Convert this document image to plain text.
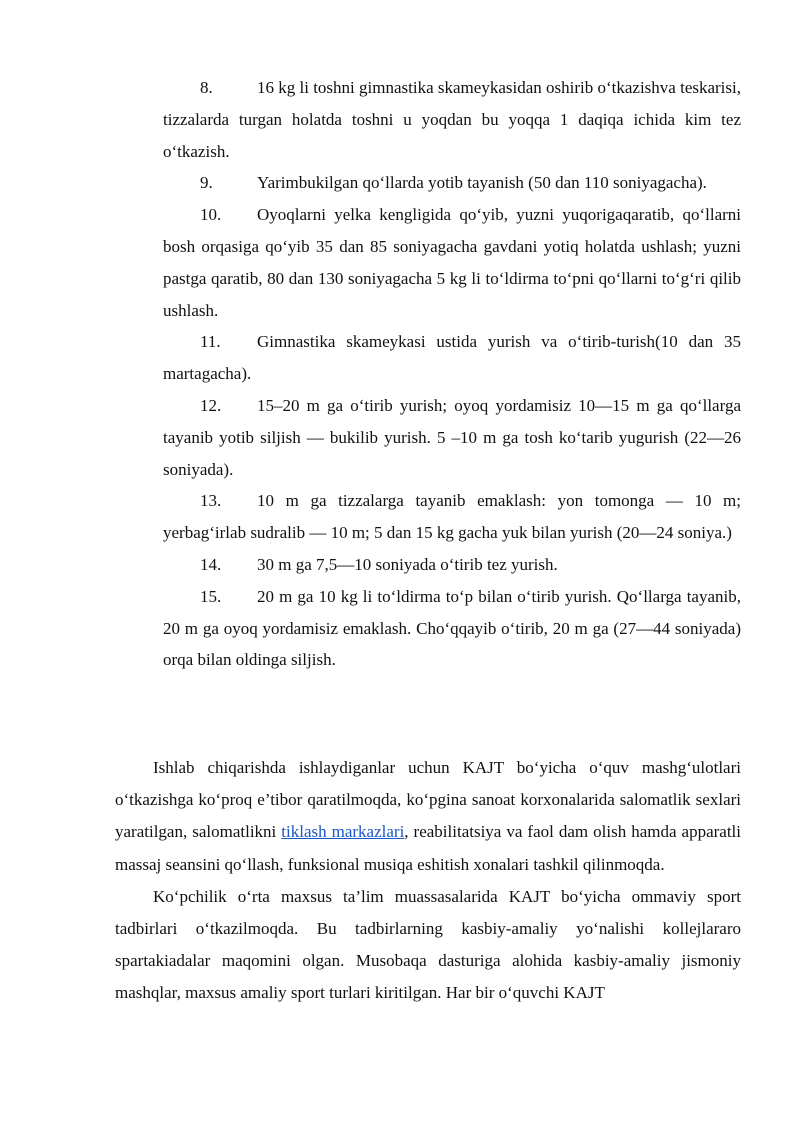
8.	16 kg li toshni gimnastika skameykasidan oshirib o‘tkazishva teskarisi, tizzalarda turgan holatda toshni u yoqdan bu yoqqa 1 daqiqa ichida kim tez o‘tkazish.

9.	Yarimbukilgan qo‘llarda yotib tayanish (50 dan 110 soniyagacha).

10. Oyoqlarni yelka kengligida qo‘yib, yuzni yuqorigaqaratib, qo‘llarni bosh orqasiga qo‘yib 35 dan 85 soniyagacha gavdani yotiq holatda ushlash; yuzni pastga qaratib, 80 dan 130 soniyagacha 5 kg li to‘ldirma to‘pni qo‘llarni to‘g‘ri qilib ushlash.

11. Gimnastika skameykasi ustida yurish va o‘tirib-turish(10 dan 35 martagacha).

12. 15–20 m ga o‘tirib yurish; oyoq yordamisiz 10—15 m ga qo‘llarga tayanib yotib siljish — bukilib yurish. 5 –10 m ga tosh ko‘tarib yugurish (22—26 soniyada).

13. 10 m ga tizzalarga tayanib emaklash: yon tomonga — 10 m; yerbag‘irlab sudralib — 10 m; 5 dan 15 kg gacha yuk bilan yurish (20—24 soniya.)

14. 30 m ga 7,5—10 soniyada o‘tirib tez yurish.

15. 20 m ga 10 kg li to‘ldirma to‘p bilan o‘tirib yurish. Qo‘llarga tayanib, 20 m ga oyoq yordamisiz emaklash. Cho‘qqayib o‘tirib, 20 m ga (27—44 soniyada) orqa bilan oldinga siljish.

Ishlab chiqarishda ishlaydiganlar uchun KAJT bo‘yicha o‘quv mashg‘ulotlari o‘tkazishga ko‘proq e’tibor qaratilmoqda, ko‘pgina sanoat korxonalarida salomatlik sexlari yaratilgan, salomatlikni tiklash markazlari, reabilitatsiya va faol dam olish hamda apparatli massaj seansini qo‘llash, funksional musiqa eshitish xonalari tashkil qilinmoqda.

Ko‘pchilik o‘rta maxsus ta’lim muassasalarida KAJT bo‘yicha ommaviy sport tadbirlari o‘tkazilmoqda. Bu tadbirlarning kasbiy-amaliy yo‘nalishi kollejlararo spartakiadalar maqomini olgan. Musobaqa dasturiga alohida kasbiy-amaliy jismoniy mashqlar, maxsus amaliy sport turlari kiritilgan. Har bir o‘quvchi KAJT
